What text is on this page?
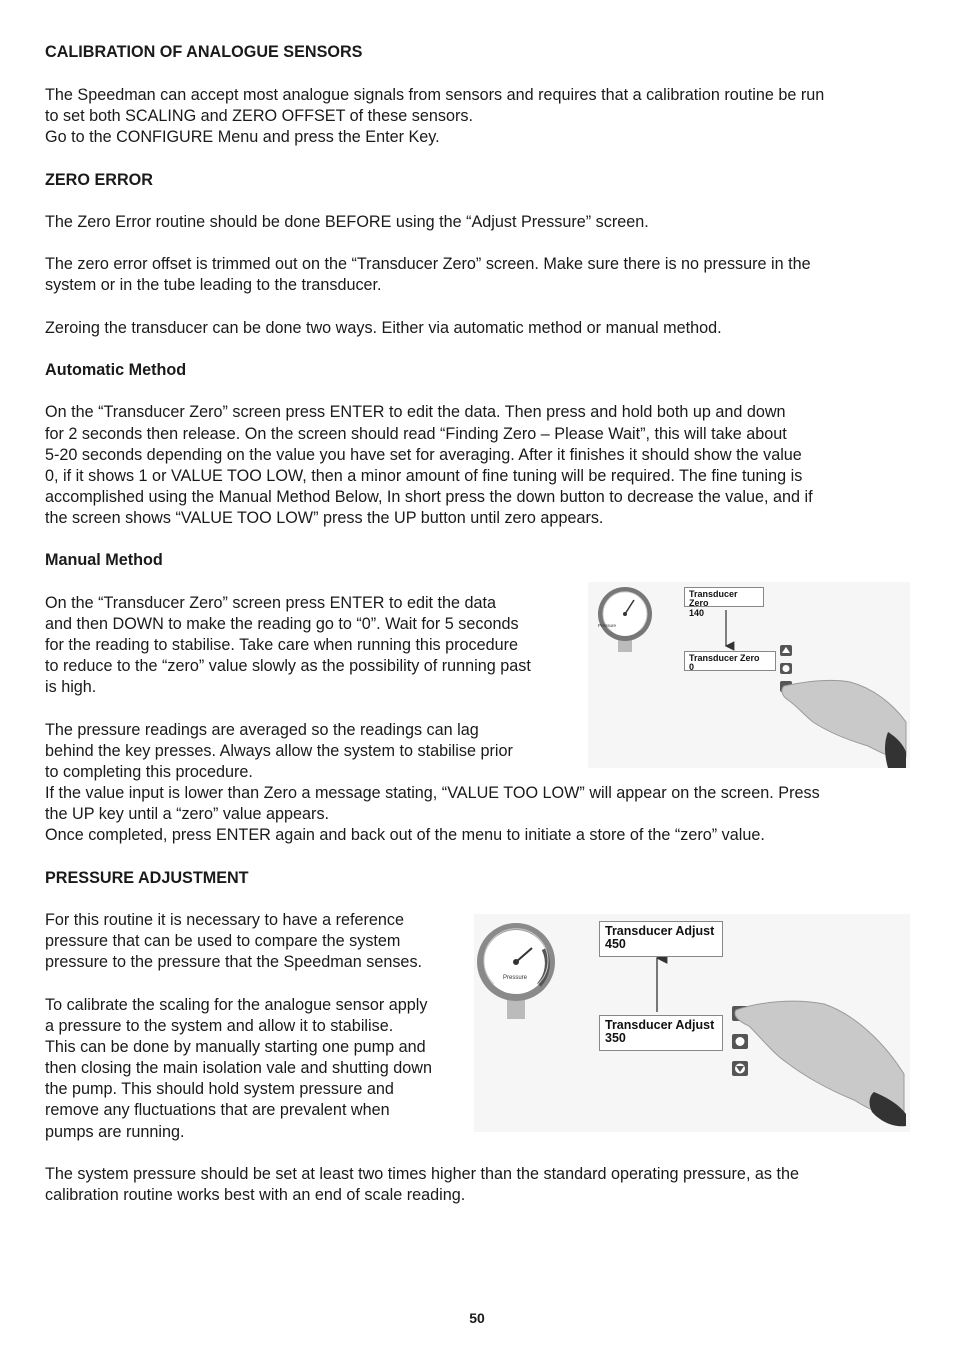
CALIBRATION OF ANALOGUE SENSORS

The Speedman can accept most analogue signals from sensors and requires that a calibration routine be run

to set both SCALING and ZERO OFFSET of these sensors.

Go to the CONFIGURE Menu and press the Enter Key.

ZERO ERROR

The Zero Error routine should be done BEFORE using the “Adjust Pressure” screen.

The zero error offset is trimmed out on the “Transducer Zero” screen. Make sure there is no pressure in the

system or in the tube leading to the transducer.

Zeroing the transducer can be done two ways. Either via automatic method or manual method.

Automatic Method

On the “Transducer Zero” screen press ENTER to edit the data. Then press and hold both up and down

for 2 seconds then release. On the screen should read “Finding Zero – Please Wait”, this will take about

5-20 seconds depending on the value you have set for averaging. After it finishes it should show the value

0, if it shows 1 or VALUE TOO LOW, then a minor amount of fine tuning will be required. The fine tuning is

accomplished using the Manual Method Below, In short press the down button to decrease the value, and if

the screen shows “VALUE TOO LOW” press the UP button until zero appears.

Manual Method

On the “Transducer Zero” screen press ENTER to edit the data

and then DOWN to make the reading go to “0”. Wait for 5 seconds

for the reading to stabilise. Take care when running this procedure

to reduce to the “zero” value slowly as the possibility of running past

is high.

The pressure readings are averaged so the readings can lag

behind the key presses. Always allow the system to stabilise prior

to completing this procedure.

If the value input is lower than Zero a message stating, “VALUE TOO LOW” will appear on the screen. Press

the UP key until a “zero” value appears.

Once completed, press ENTER again and back out of the menu to initiate a store of the “zero” value.

Pressure
Transducer Zero
140
Transducer Zero
0

PRESSURE ADJUSTMENT

For this routine it is necessary to have a reference

pressure that can be used to compare the system

pressure to the pressure that the Speedman senses.

To calibrate the scaling for the analogue sensor apply

a pressure to the system and allow it to stabilise.

This can be done by manually starting one pump and

then closing the main isolation vale and shutting down

the pump. This should hold system pressure and

remove any fluctuations that are prevalent when

pumps are running.

The system pressure should be set at least two times higher than the standard operating pressure, as the

calibration routine works best with an end of scale reading.

Pressure
Transducer Adjust
450
Transducer Adjust
350
50
